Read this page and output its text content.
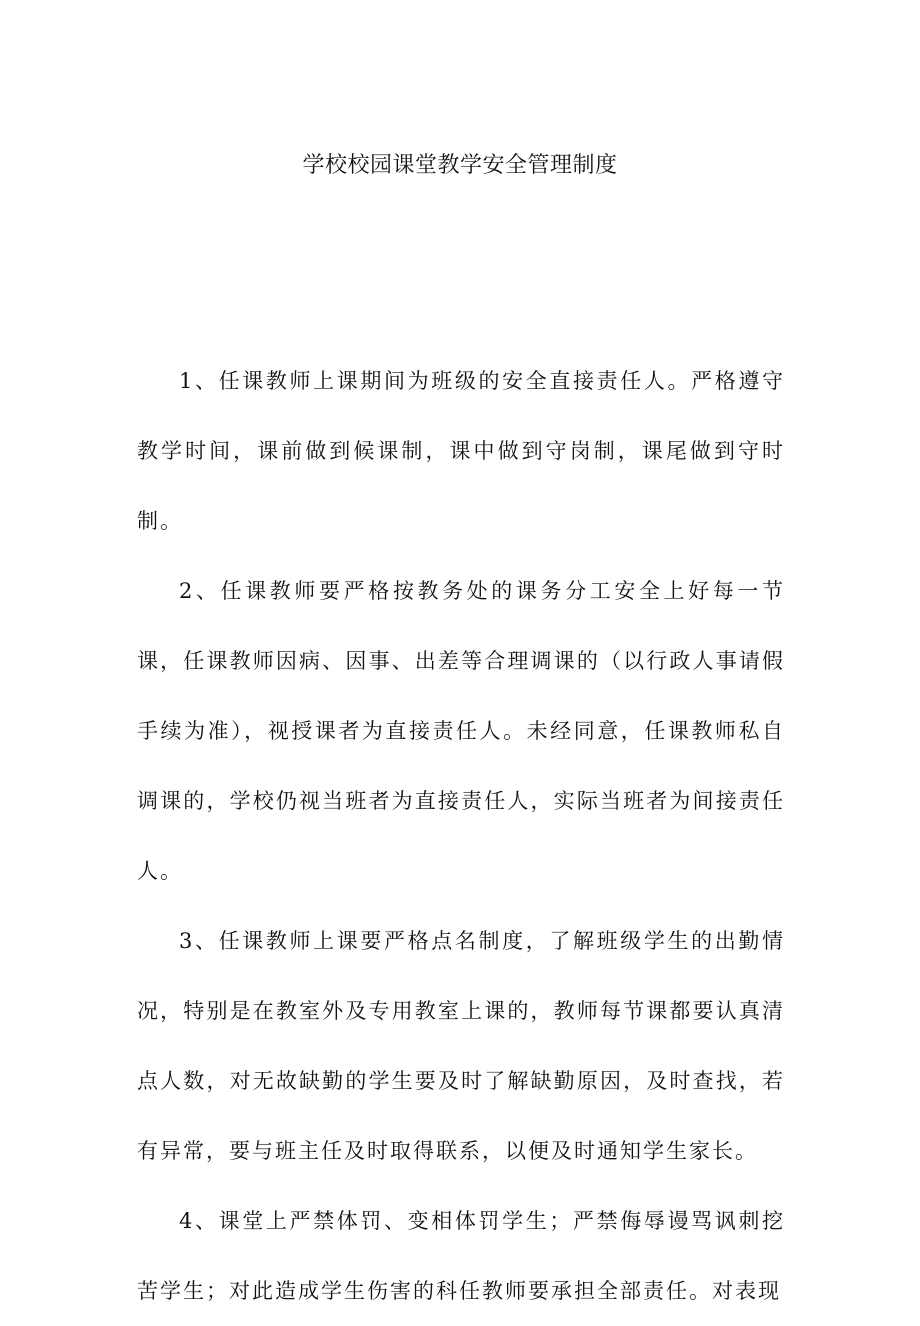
学校校园课堂教学安全管理制度

1、任课教师上课期间为班级的安全直接责任人。严格遵守教学时间，课前做到候课制，课中做到守岗制，课尾做到守时制。

2、任课教师要严格按教务处的课务分工安全上好每一节课，任课教师因病、因事、出差等合理调课的（以行政人事请假手续为准），视授课者为直接责任人。未经同意，任课教师私自调课的，学校仍视当班者为直接责任人，实际当班者为间接责任人。

3、任课教师上课要严格点名制度，了解班级学生的出勤情况，特别是在教室外及专用教室上课的，教师每节课都要认真清点人数，对无故缺勤的学生要及时了解缺勤原因，及时查找，若有异常，要与班主任及时取得联系，以便及时通知学生家长。

4、课堂上严禁体罚、变相体罚学生；严禁侮辱谩骂讽刺挖苦学生；对此造成学生伤害的科任教师要承担全部责任。对表现
